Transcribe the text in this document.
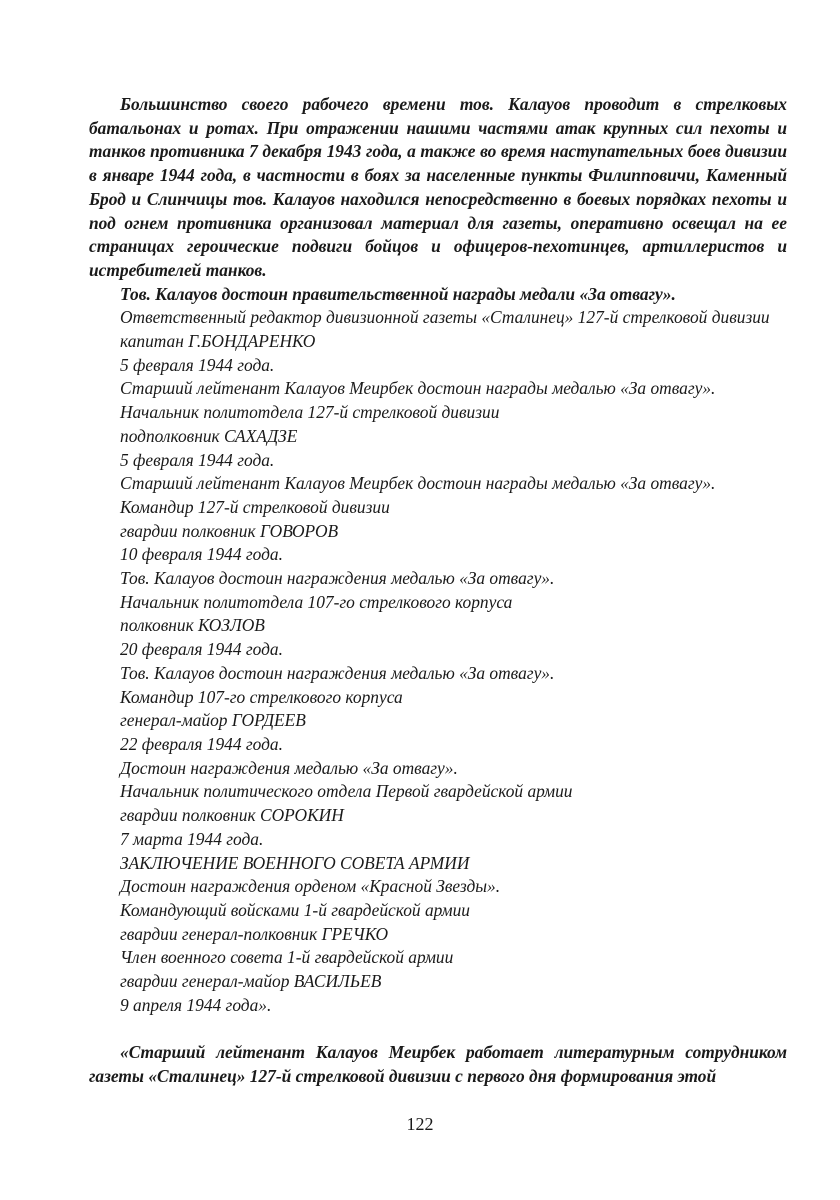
Большинство своего рабочего времени тов. Калауов проводит в стрелковых батальонах и ротах. При отражении нашими частями атак крупных сил пехоты и танков противника 7 декабря 1943 года, а также во время наступательных боев дивизии в январе 1944 года, в частности в боях за населенные пункты Филипповичи, Каменный Брод и Слинчицы тов. Калауов находился непосредственно в боевых порядках пехоты и под огнем противника организовал материал для газеты, оперативно освещал на ее страницах героические подвиги бойцов и офицеров-пехотинцев, артиллеристов и истребителей танков.

Тов. Калауов достоин правительственной награды медали «За отвагу».

Ответственный редактор дивизионной газеты «Сталинец» 127-й стрелковой дивизии

капитан Г.БОНДАРЕНКО

5 февраля 1944 года.

Старший лейтенант Калауов Меирбек достоин награды медалью «За отвагу».

Начальник политотдела 127-й стрелковой дивизии

подполковник САХАДЗЕ

5 февраля 1944 года.

Старший лейтенант Калауов Меирбек достоин награды медалью «За отвагу».

Командир 127-й стрелковой дивизии

гвардии полковник ГОВОРОВ

10 февраля 1944 года.

Тов. Калауов достоин награждения медалью «За отвагу».

Начальник политотдела 107-го стрелкового корпуса

полковник КОЗЛОВ

20 февраля 1944 года.

Тов. Калауов достоин награждения медалью «За отвагу».

Командир 107-го стрелкового корпуса

генерал-майор ГОРДЕЕВ

22 февраля 1944 года.

Достоин награждения медалью «За отвагу».

Начальник политического отдела Первой гвардейской армии

гвардии полковник СОРОКИН

7 марта 1944 года.

ЗАКЛЮЧЕНИЕ ВОЕННОГО СОВЕТА АРМИИ

Достоин награждения орденом «Красной Звезды».

Командующий войсками 1-й гвардейской армии

гвардии генерал-полковник ГРЕЧКО

Член военного совета 1-й гвардейской армии

гвардии генерал-майор ВАСИЛЬЕВ

9 апреля 1944 года».

«Старший лейтенант Калауов Меирбек работает литературным сотрудником газеты «Сталинец» 127-й стрелковой дивизии с первого дня формирования этой

122
